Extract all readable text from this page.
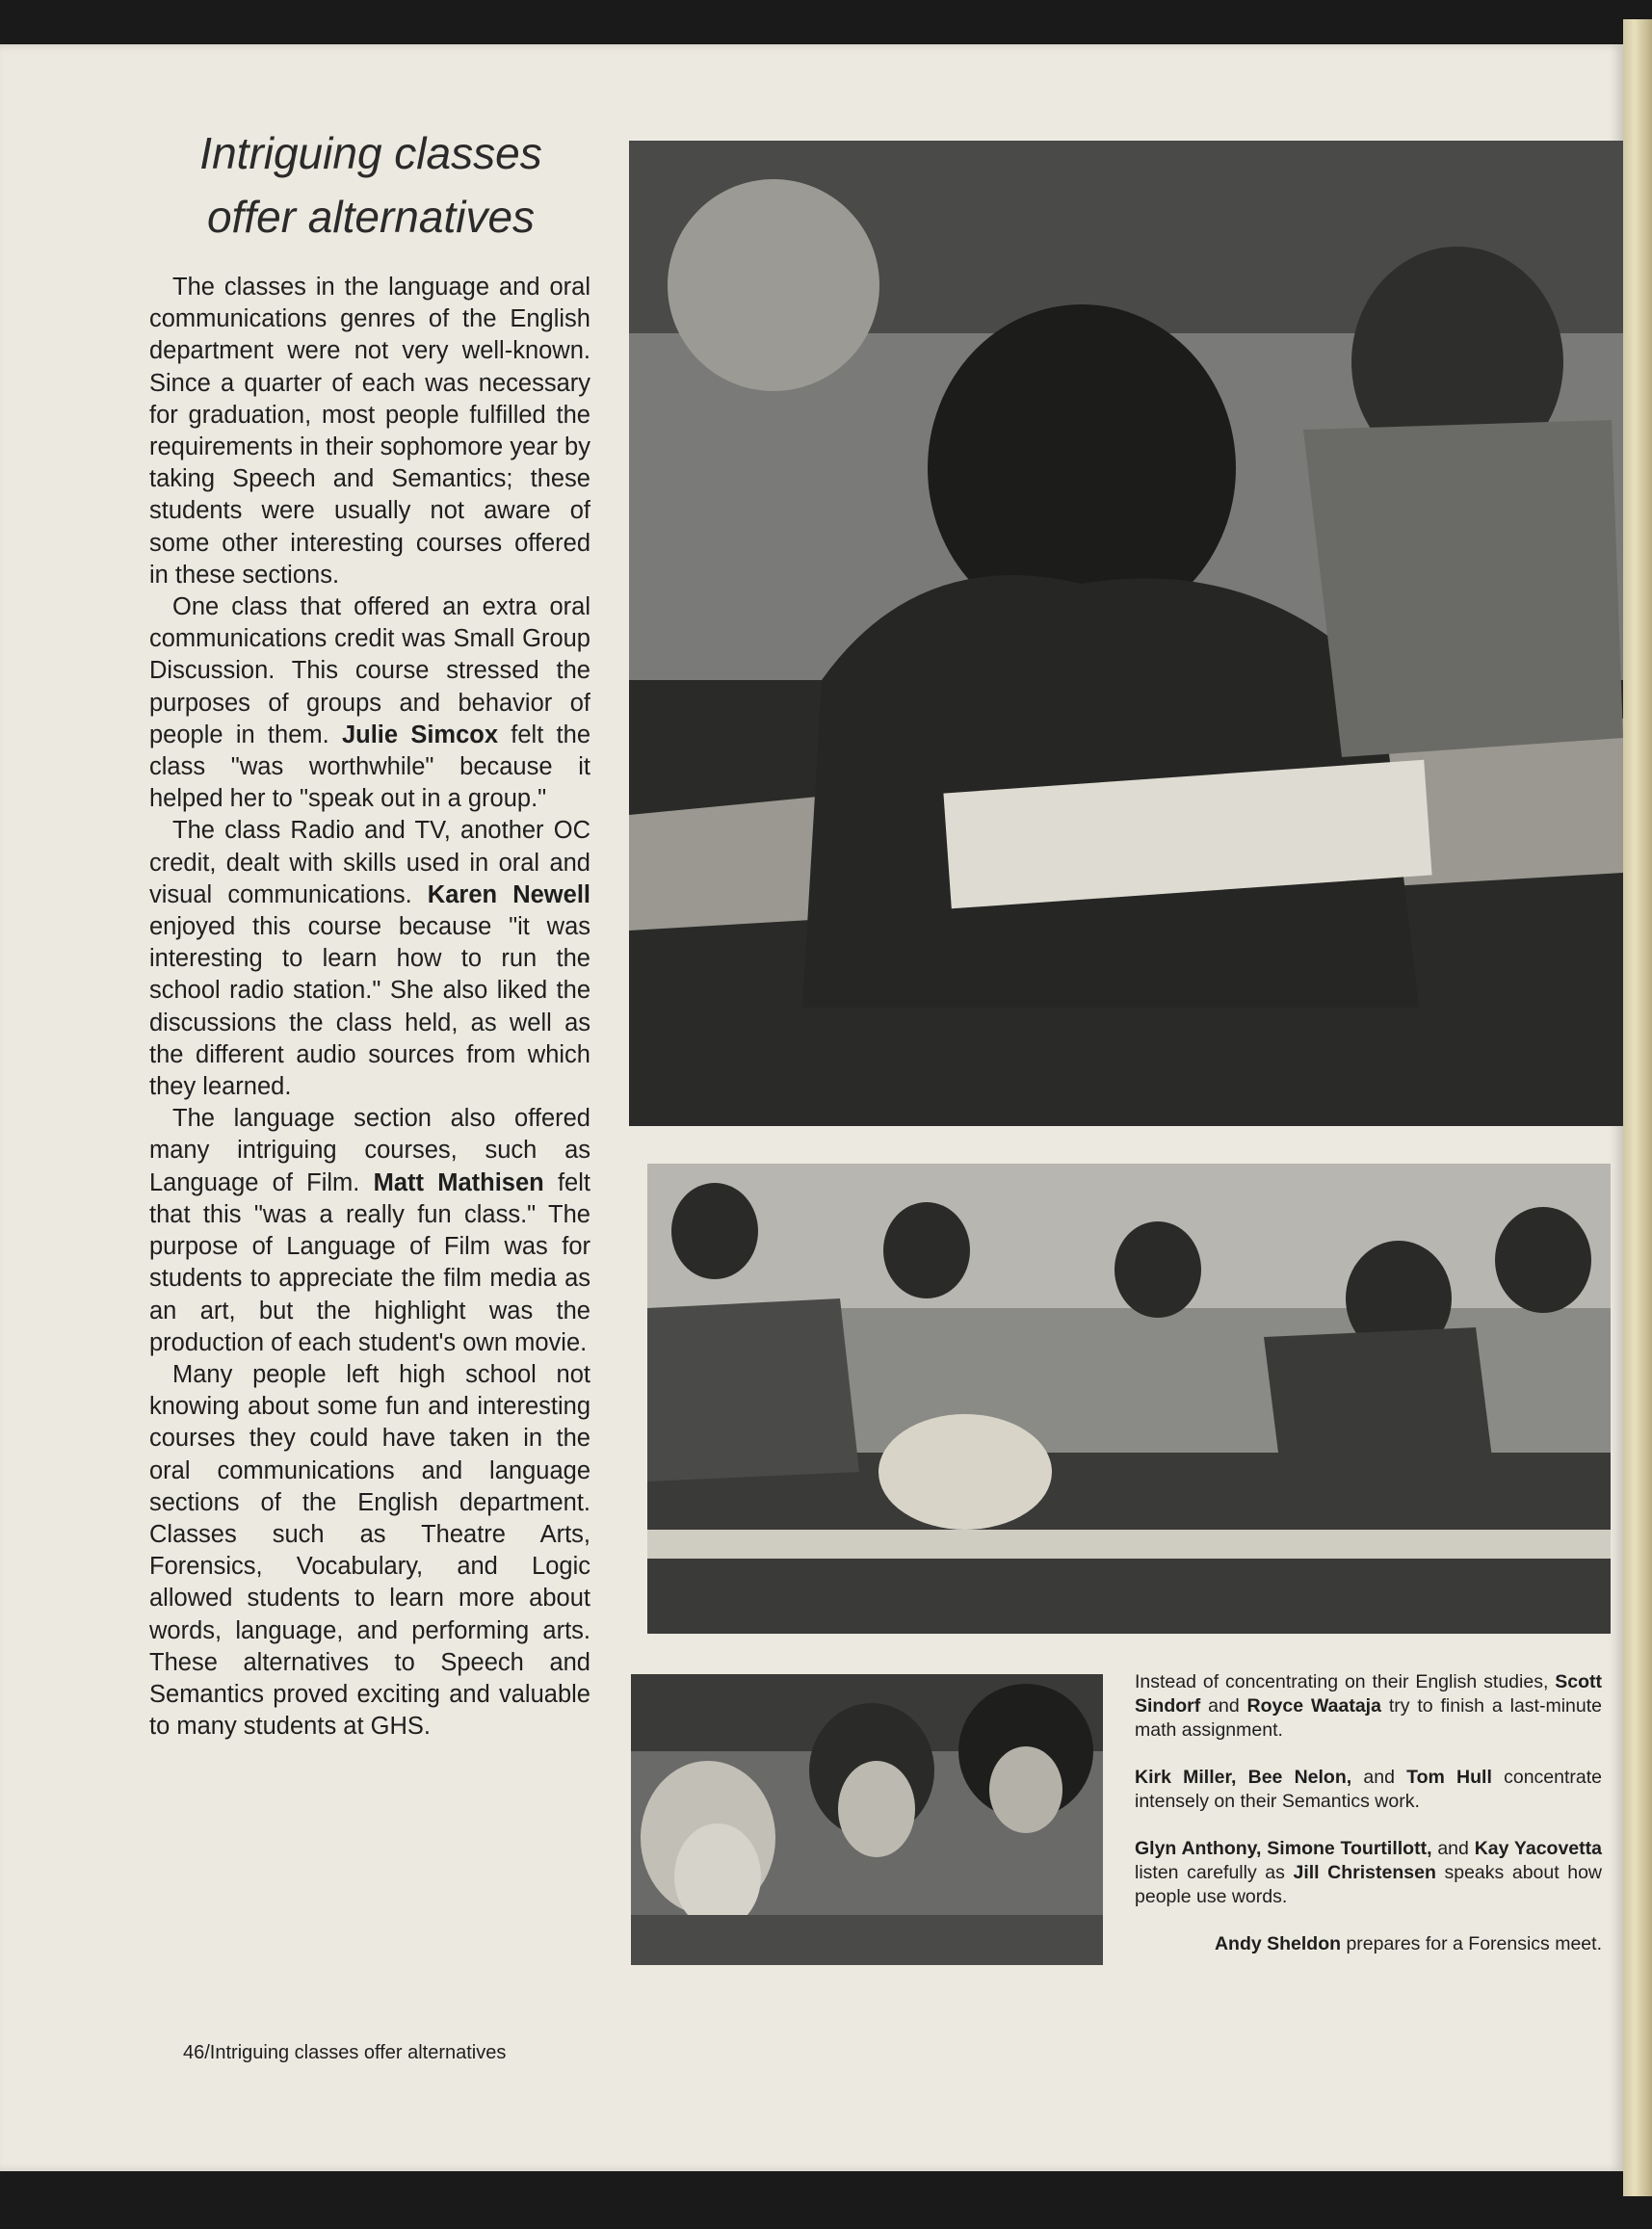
Intriguing classes
offer alternatives

The classes in the language and oral communications genres of the English department were not very well-known. Since a quarter of each was necessary for graduation, most people fulfilled the requirements in their sophomore year by taking Speech and Semantics; these students were usually not aware of some other interesting courses offered in these sections.

One class that offered an extra oral communications credit was Small Group Discussion. This course stressed the purposes of groups and behavior of people in them. Julie Simcox felt the class "was worthwhile" because it helped her to "speak out in a group."

The class Radio and TV, another OC credit, dealt with skills used in oral and visual communications. Karen Newell enjoyed this course because "it was interesting to learn how to run the school radio station." She also liked the discussions the class held, as well as the different audio sources from which they learned.

The language section also offered many intriguing courses, such as Language of Film. Matt Mathisen felt that this "was a really fun class." The purpose of Language of Film was for students to appreciate the film media as an art, but the highlight was the production of each student's own movie.

Many people left high school not knowing about some fun and interesting courses they could have taken in the oral communications and language sections of the English department. Classes such as Theatre Arts, Forensics, Vocabulary, and Logic allowed students to learn more about words, language, and performing arts. These alternatives to Speech and Semantics proved exciting and valuable to many students at GHS.

Instead of concentrating on their English studies, Scott Sindorf and Royce Waataja try to finish a last-minute math assignment.

Kirk Miller, Bee Nelon, and Tom Hull concentrate intensely on their Semantics work.

Glyn Anthony, Simone Tourtillott, and Kay Yacovetta listen carefully as Jill Christensen speaks about how people use words.

Andy Sheldon prepares for a Forensics meet.

46/Intriguing classes offer alternatives
